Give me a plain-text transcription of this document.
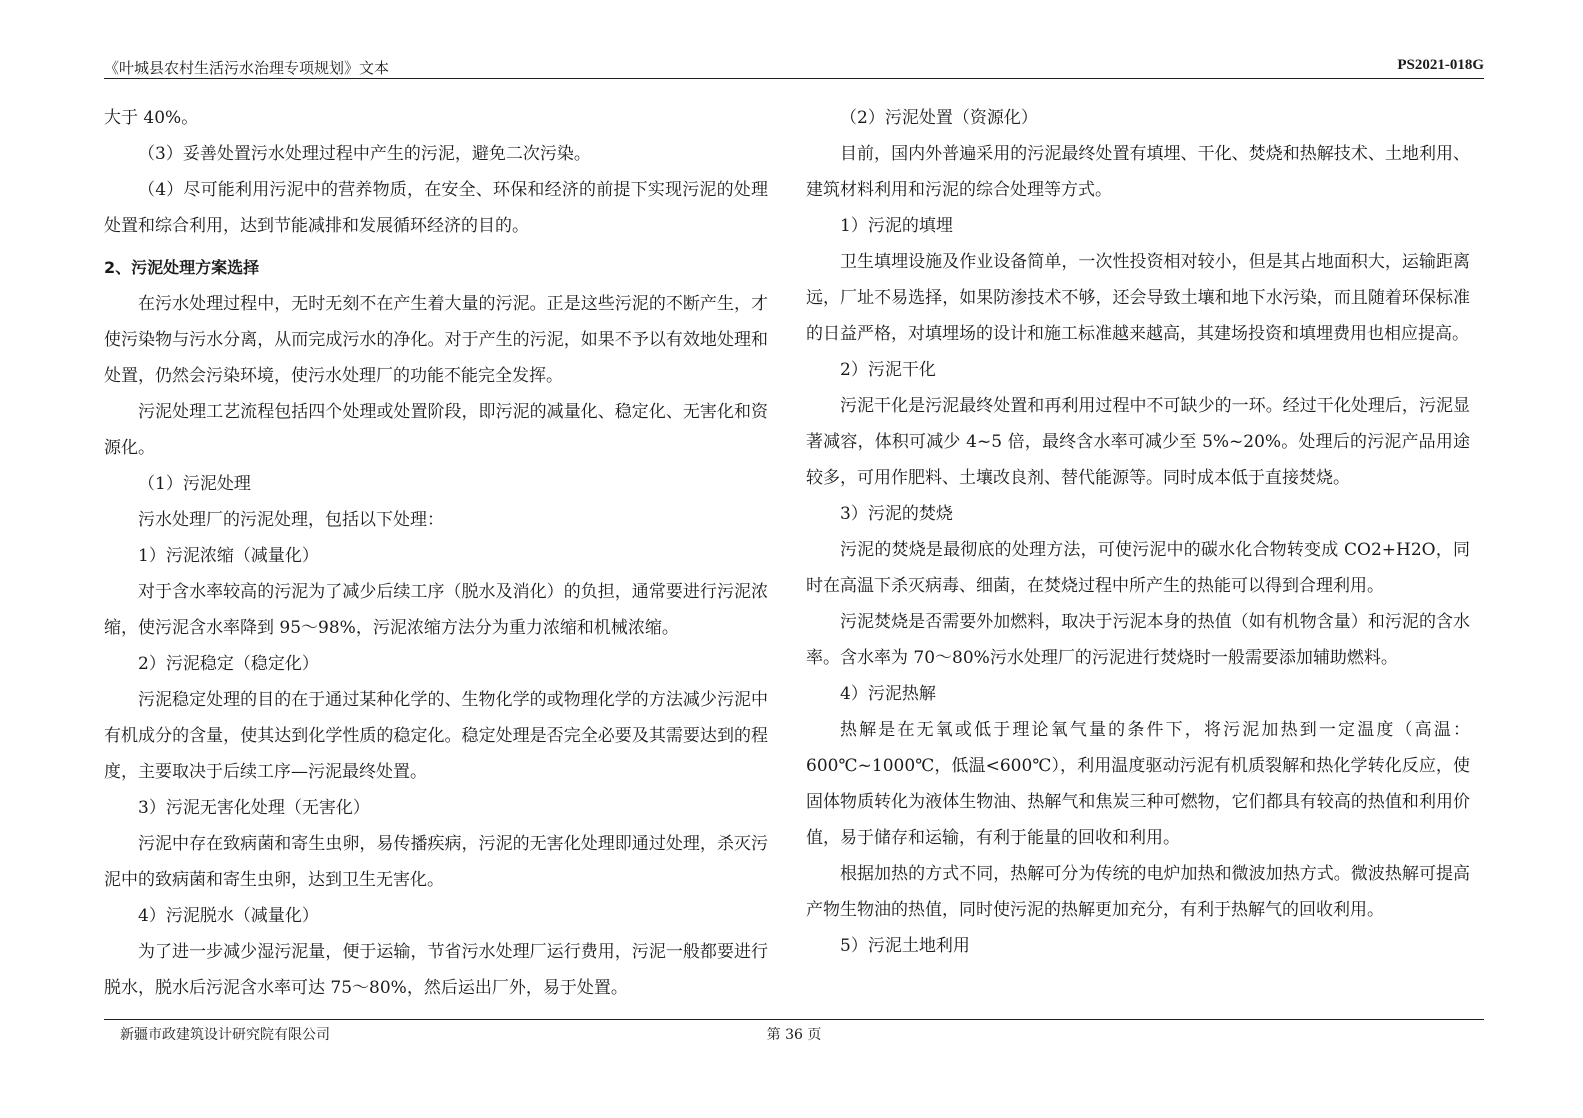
《叶城县农村生活污水治理专项规划》文本	PS2021-018G

大于 40%。

（3）妥善处置污水处理过程中产生的污泥，避免二次污染。

（4）尽可能利用污泥中的营养物质，在安全、环保和经济的前提下实现污泥的处理处置和综合利用，达到节能减排和发展循环经济的目的。

2、污泥处理方案选择

在污水处理过程中，无时无刻不在产生着大量的污泥。正是这些污泥的不断产生，才使污染物与污水分离，从而完成污水的净化。对于产生的污泥，如果不予以有效地处理和处置，仍然会污染环境，使污水处理厂的功能不能完全发挥。

污泥处理工艺流程包括四个处理或处置阶段，即污泥的减量化、稳定化、无害化和资源化。

（1）污泥处理

污水处理厂的污泥处理，包括以下处理：

1）污泥浓缩（减量化）

对于含水率较高的污泥为了减少后续工序（脱水及消化）的负担，通常要进行污泥浓缩，使污泥含水率降到 95～98%，污泥浓缩方法分为重力浓缩和机械浓缩。

2）污泥稳定（稳定化）

污泥稳定处理的目的在于通过某种化学的、生物化学的或物理化学的方法减少污泥中有机成分的含量，使其达到化学性质的稳定化。稳定处理是否完全必要及其需要达到的程度，主要取决于后续工序—污泥最终处置。

3）污泥无害化处理（无害化）

污泥中存在致病菌和寄生虫卵，易传播疾病，污泥的无害化处理即通过处理，杀灭污泥中的致病菌和寄生虫卵，达到卫生无害化。

4）污泥脱水（减量化）

为了进一步减少湿污泥量，便于运输，节省污水处理厂运行费用，污泥一般都要进行脱水，脱水后污泥含水率可达 75～80%，然后运出厂外，易于处置。

（2）污泥处置（资源化）

目前，国内外普遍采用的污泥最终处置有填埋、干化、焚烧和热解技术、土地利用、建筑材料利用和污泥的综合处理等方式。

1）污泥的填埋

卫生填埋设施及作业设备简单，一次性投资相对较小，但是其占地面积大，运输距离远，厂址不易选择，如果防渗技术不够，还会导致土壤和地下水污染，而且随着环保标准的日益严格，对填埋场的设计和施工标准越来越高，其建场投资和填埋费用也相应提高。

2）污泥干化

污泥干化是污泥最终处置和再利用过程中不可缺少的一环。经过干化处理后，污泥显著减容，体积可减少 4~5 倍，最终含水率可减少至 5%~20%。处理后的污泥产品用途较多，可用作肥料、土壤改良剂、替代能源等。同时成本低于直接焚烧。

3）污泥的焚烧

污泥的焚烧是最彻底的处理方法，可使污泥中的碳水化合物转变成 CO2+H2O，同时在高温下杀灭病毒、细菌，在焚烧过程中所产生的热能可以得到合理利用。

污泥焚烧是否需要外加燃料，取决于污泥本身的热值（如有机物含量）和污泥的含水率。含水率为 70～80%污水处理厂的污泥进行焚烧时一般需要添加辅助燃料。

4）污泥热解

热解是在无氧或低于理论氧气量的条件下，将污泥加热到一定温度（高温：600℃~1000℃，低温<600℃），利用温度驱动污泥有机质裂解和热化学转化反应，使固体物质转化为液体生物油、热解气和焦炭三种可燃物，它们都具有较高的热值和利用价值，易于储存和运输，有利于能量的回收和利用。

根据加热的方式不同，热解可分为传统的电炉加热和微波加热方式。微波热解可提高产物生物油的热值，同时使污泥的热解更加充分，有利于热解气的回收利用。

5）污泥土地利用

新疆市政建筑设计研究院有限公司	第 36 页
